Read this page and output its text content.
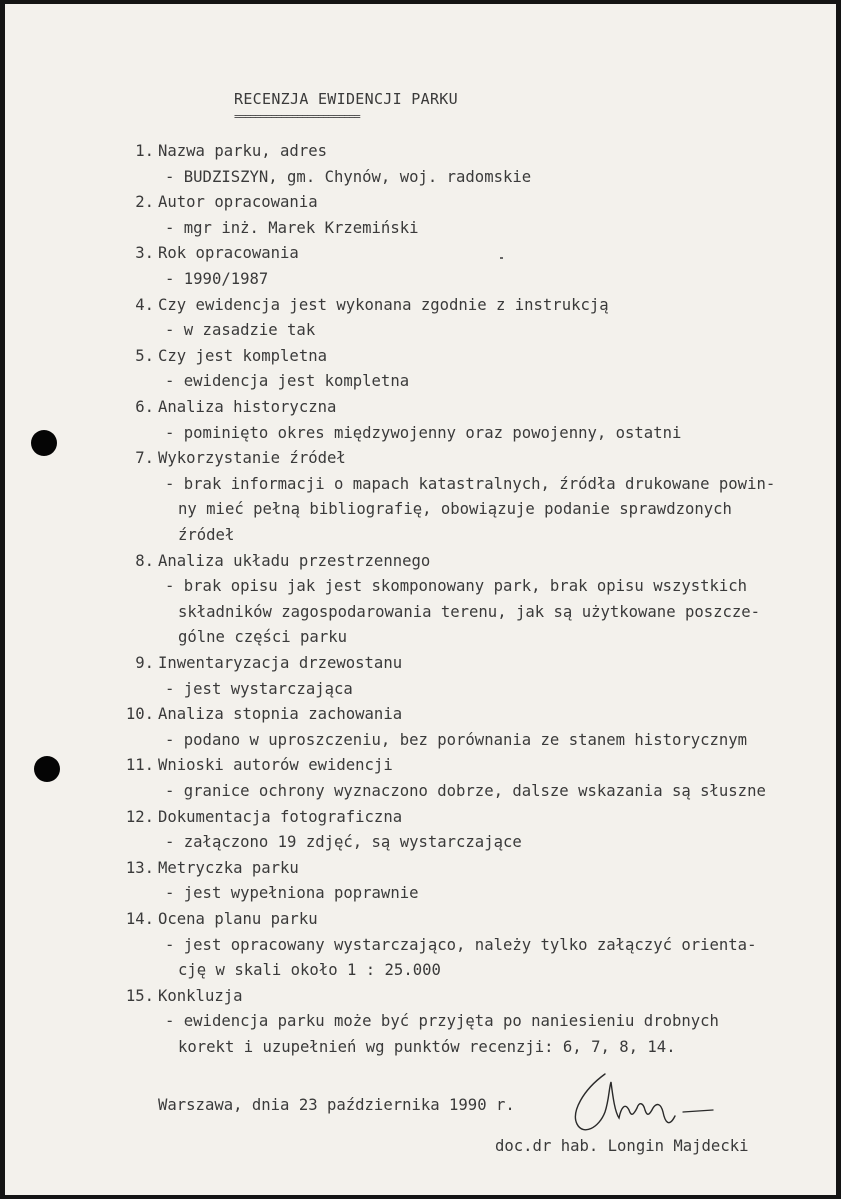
RECENZJA EWIDENCJI PARKU
========================
1. Nazwa parku, adres
- BUDZISZYN, gm. Chynów, woj. radomskie
2. Autor opracowania
- mgr inż. Marek Krzemiński
3. Rok opracowania
- 1990/1987
4. Czy ewidencja jest wykonana zgodnie z instrukcją
- w zasadzie tak
5. Czy jest kompletna
- ewidencja jest kompletna
6. Analiza historyczna
- pominięto okres międzywojenny oraz powojenny, ostatni
7. Wykorzystanie źródeł
- brak informacji o mapach katastralnych, źródła drukowane powin-
ny mieć pełną bibliografię, obowiązuje podanie sprawdzonych
źródeł
8. Analiza układu przestrzennego
- brak opisu jak jest skomponowany park, brak opisu wszystkich
składników zagospodarowania terenu, jak są użytkowane poszcze-
gólne części parku
9. Inwentaryzacja drzewostanu
- jest wystarczająca
10. Analiza stopnia zachowania
- podano w uproszczeniu, bez porównania ze stanem historycznym
11. Wnioski autorów ewidencji
- granice ochrony wyznaczono dobrze, dalsze wskazania są słuszne
12. Dokumentacja fotograficzna
- załączono 19 zdjęć, są wystarczające
13. Metryczka parku
- jest wypełniona poprawnie
14. Ocena planu parku
- jest opracowany wystarczająco, należy tylko załączyć orienta-
cję w skali około 1 : 25.000
15. Konkluzja
- ewidencja parku może być przyjęta po naniesieniu drobnych
korekt i uzupełnień wg punktów recenzji: 6, 7, 8, 14.
Warszawa, dnia 23 października 1990 r.
doc.dr hab. Longin Majdecki
